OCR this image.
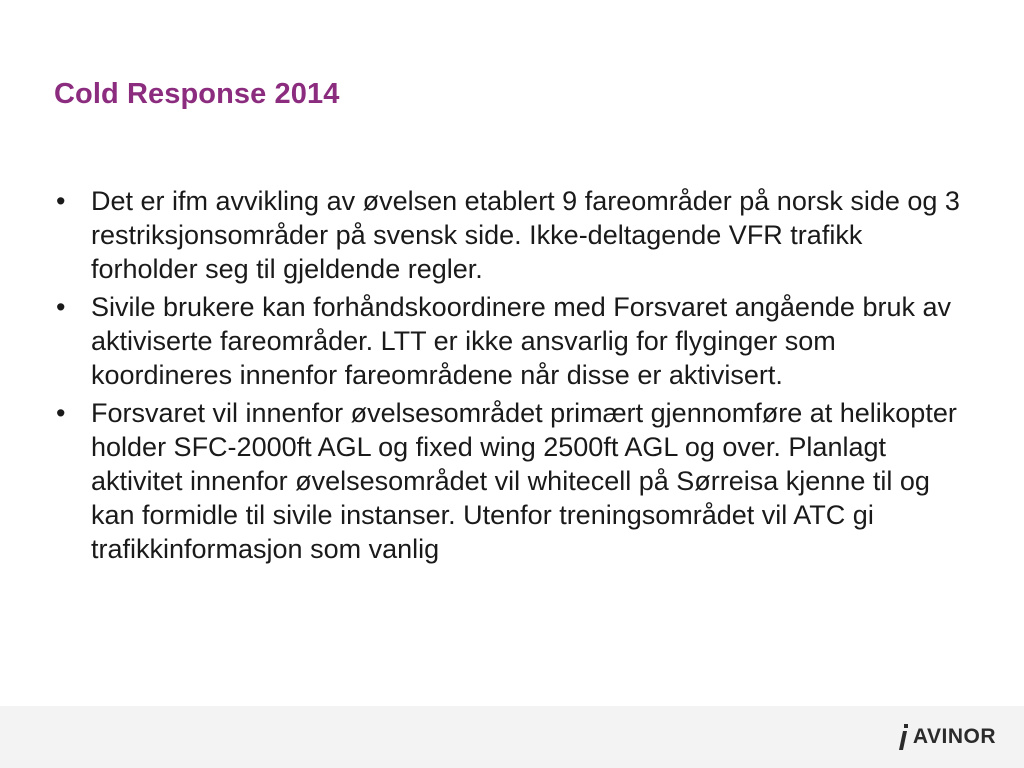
Cold Response 2014
• Det er ifm avvikling av øvelsen etablert 9 fareområder på norsk side og 3 restriksjonsområder på svensk side. Ikke-deltagende VFR trafikk forholder seg til gjeldende regler.
• Sivile brukere kan forhåndskoordinere med Forsvaret angående bruk av aktiviserte fareområder. LTT er ikke ansvarlig for flyginger som koordineres innenfor fareområdene når disse er aktivisert.
• Forsvaret vil innenfor øvelsesområdet primært gjennomføre at helikopter holder SFC-2000ft AGL og fixed wing 2500ft AGL og over. Planlagt aktivitet innenfor øvelsesområdet vil whitecell på Sørreisa kjenne til og kan formidle til sivile instanser. Utenfor treningsområdet vil ATC gi trafikkinformasjon som vanlig
AVINOR
